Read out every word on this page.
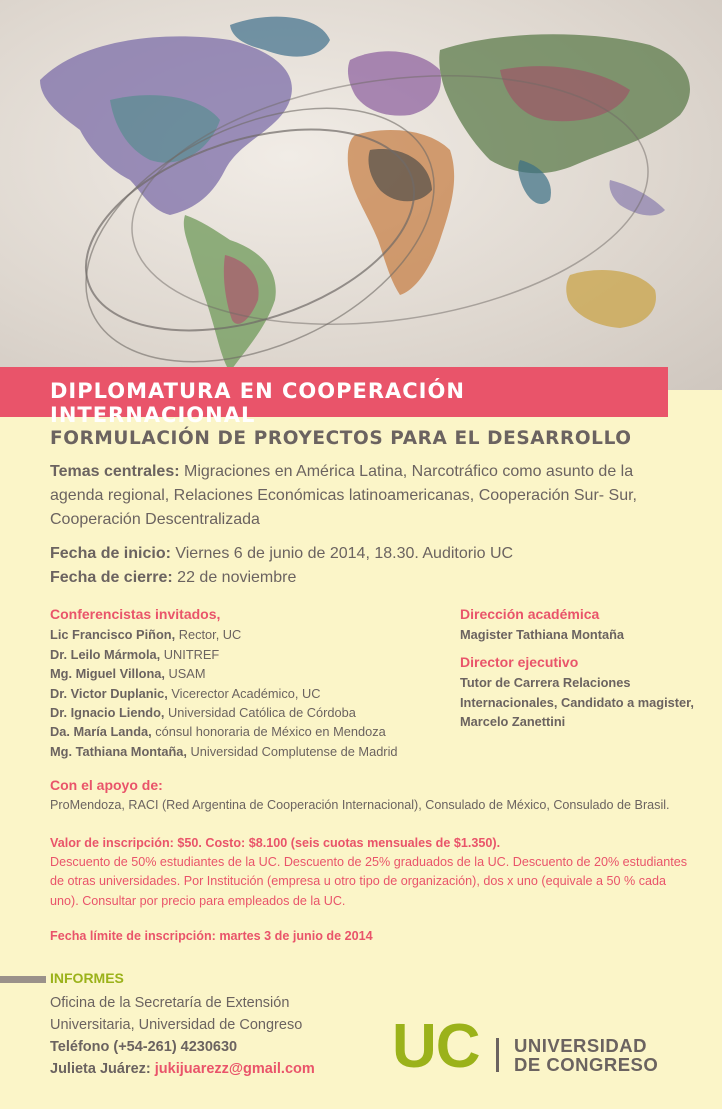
DIPLOMATURA EN COOPERACIÓN INTERNACIONAL
FORMULACIÓN DE PROYECTOS PARA EL DESARROLLO
Temas centrales: Migraciones en América Latina, Narcotráfico como asunto de la agenda regional, Relaciones Económicas latinoamericanas, Cooperación Sur- Sur, Cooperación Descentralizada
Fecha de inicio: Viernes 6 de junio de 2014, 18.30. Auditorio UC
Fecha de cierre: 22 de noviembre
Conferencistas invitados,
Lic Francisco Piñon, Rector, UC
Dr. Leilo Mármola, UNITREF
Mg. Miguel Villona, USAM
Dr. Victor Duplanic, Vicerector Académico, UC
Dr. Ignacio Liendo, Universidad Católica de Córdoba
Da. María Landa, cónsul honoraria de México en Mendoza
Mg. Tathiana Montaña, Universidad Complutense de Madrid
Dirección académica
Magister Tathiana Montaña
Director ejecutivo
Tutor de Carrera Relaciones Internacionales, Candidato a magister, Marcelo Zanettini
Con el apoyo de:
ProMendoza, RACI (Red Argentina de Cooperación Internacional), Consulado de México, Consulado de Brasil.
Valor de inscripción: $50. Costo: $8.100 (seis cuotas mensuales de $1.350).
Descuento de 50% estudiantes de la UC. Descuento de 25% graduados de la UC. Descuento de 20% estudiantes de otras universidades. Por Institución (empresa u otro tipo de organización), dos x uno (equivale a 50 % cada uno). Consultar por precio para empleados de la UC.
Fecha límite de inscripción: martes 3 de junio de 2014
INFORMES
Oficina de la Secretaría de Extensión
Universitaria, Universidad de Congreso
Teléfono (+54-261) 4230630
Julieta Juárez: jukijuarezz@gmail.com	UC UNIVERSIDAD
DE CONGRESO
